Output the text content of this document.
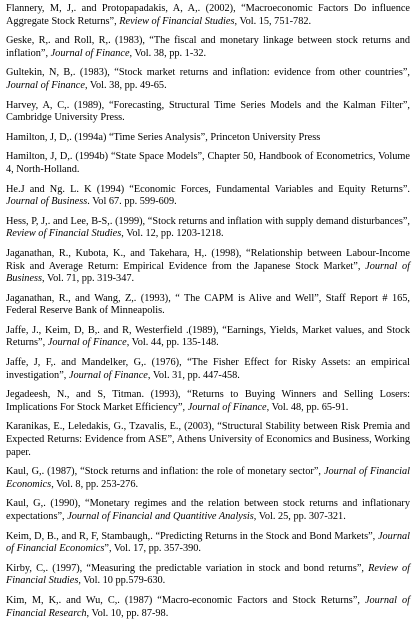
Flannery, M, J,. and Protopapadakis, A, A,. (2002), “Macroeconomic Factors Do influence Aggregate Stock Returns”, Review of Financial Studies, Vol. 15, 751-782.

Geske, R,. and Roll, R,. (1983), “The fiscal and monetary linkage between stock returns and inflation”, Journal of Finance, Vol. 38, pp. 1-32.

Gultekin, N, B,. (1983), “Stock market returns and inflation: evidence from other countries”, Journal of Finance, Vol. 38, pp. 49-65.

Harvey, A, C,. (1989), “Forecasting, Structural Time Series Models and the Kalman Filter”, Cambridge University Press.

Hamilton, J, D,. (1994a) “Time Series Analysis”, Princeton University Press

Hamilton, J, D,. (1994b) “State Space Models”, Chapter 50, Handbook of Econometrics, Volume 4, North-Holland.

He.J and Ng. L. K (1994) “Economic Forces, Fundamental Variables and Equity Returns”. Journal of Business. Vol 67. pp. 599-609.

Hess, P, J,. and Lee, B-S,. (1999), “Stock returns and inflation with supply demand disturbances”, Review of Financial Studies, Vol. 12, pp. 1203-1218.

Jaganathan, R., Kubota, K., and Takehara, H,. (1998), “Relationship between Labour-Income Risk and Average Return: Empirical Evidence from the Japanese Stock Market”, Journal of Business, Vol. 71, pp. 319-347.

Jaganathan, R., and Wang, Z,. (1993), “ The CAPM is Alive and Well”, Staff Report # 165, Federal Reserve Bank of Minneapolis.

Jaffe, J., Keim, D, B,. and R, Westerfield .(1989), “Earnings, Yields, Market values, and Stock Returns”, Journal of Finance, Vol. 44, pp. 135-148.

Jaffe, J, F,. and Mandelker, G,. (1976), “The Fisher Effect for Risky Assets: an empirical investigation”, Journal of Finance, Vol. 31, pp. 447-458.

Jegadeesh, N., and S, Titman. (1993), “Returns to Buying Winners and Selling Losers: Implications For Stock Market Efficiency”, Journal of Finance, Vol. 48, pp. 65-91.

Karanikas, E., Leledakis, G., Tzavalis, E., (2003), “Structural Stability between Risk Premia and Expected Returns: Evidence from ASE”, Athens University of Economics and Business, Working paper.

Kaul, G,. (1987), “Stock returns and inflation: the role of monetary sector”, Journal of Financial Economics, Vol. 8, pp. 253-276.

Kaul, G,. (1990), “Monetary regimes and the relation between stock returns and inflationary expectations”, Journal of Financial and Quantitive Analysis, Vol. 25, pp. 307-321.

Keim, D, B., and R, F, Stambaugh,. “Predicting Returns in the Stock and Bond Markets”, Journal of Financial Economics”, Vol. 17, pp. 357-390.

Kirby, C,. (1997), “Measuring the predictable variation in stock and bond returns”, Review of Financial Studies, Vol. 10 pp.579-630.

Kim, M, K,. and Wu, C,. (1987) “Macro-economic Factors and Stock Returns”, Journal of Financial Research, Vol. 10, pp. 87-98.
